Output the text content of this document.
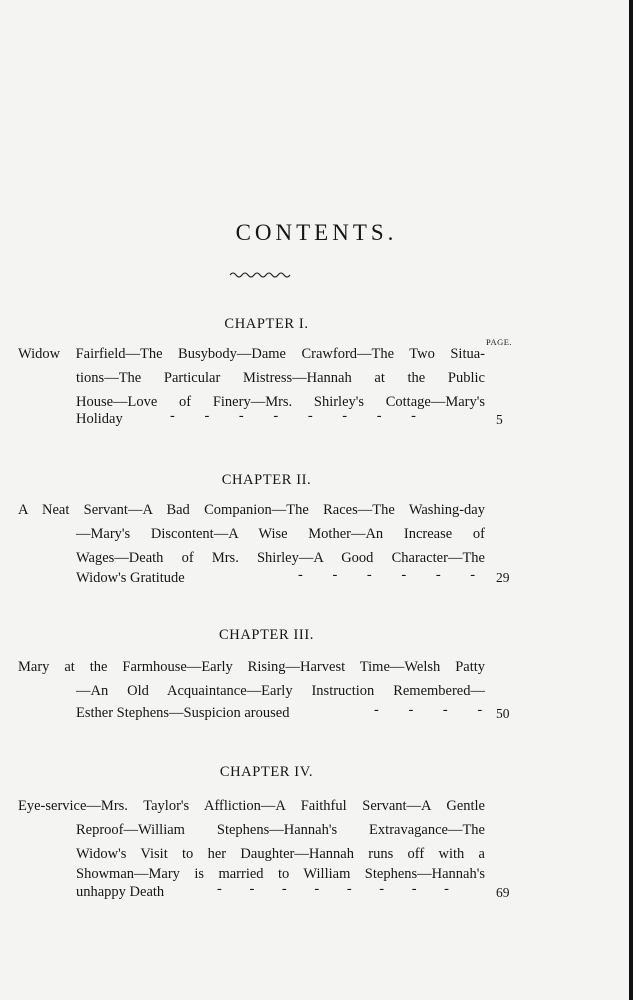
CONTENTS.
CHAPTER I.
PAGE.
Widow Fairfield—The Busybody—Dame Crawford—The Two Situa-
tions—The Particular Mistress—Hannah at the Public
House—Love of Finery—Mrs. Shirley's Cottage—Mary's
Holiday	- - - - - - - -	5
CHAPTER II.
A Neat Servant—A Bad Companion—The Races—The Washing-day
—Mary's Discontent—A Wise Mother—An Increase of
Wages—Death of Mrs. Shirley—A Good Character—The
Widow's Gratitude	- - - - - - 29
CHAPTER III.
Mary at the Farmhouse—Early Rising—Harvest Time—Welsh Patty
—An Old Acquaintance—Early Instruction Remembered—
Esther Stephens—Suspicion aroused	- - - - 50
CHAPTER IV.
Eye-service—Mrs. Taylor's Affliction—A Faithful Servant—A Gentle
Reproof—William Stephens—Hannah's Extravagance—The
Widow's Visit to her Daughter—Hannah runs off with a
Showman—Mary is married to William Stephens—Hannah's
unhappy Death	- - - - - - - -	69
